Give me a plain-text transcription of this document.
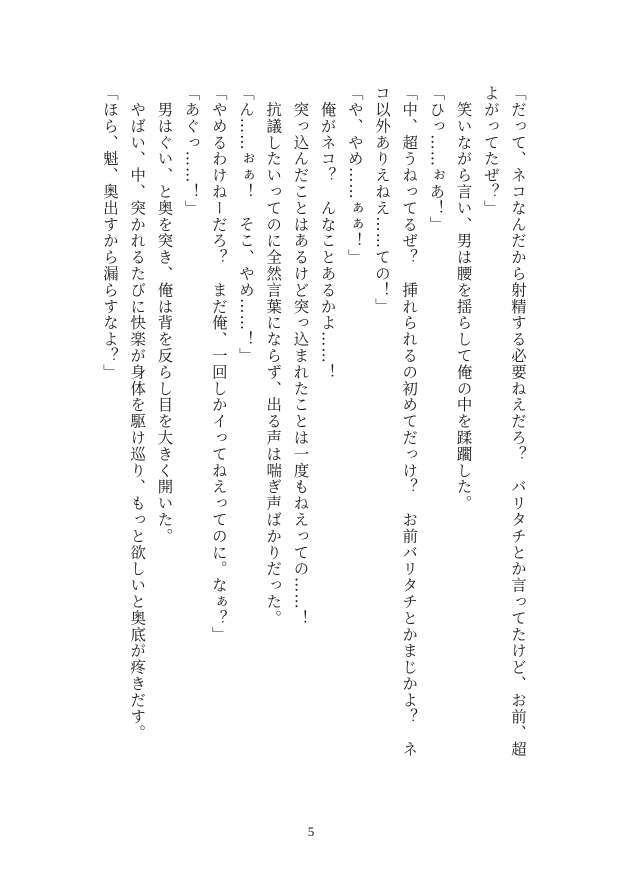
「だって、ネコなんだから射精する必要ねえだろ？　バリタチとか言ってたけど、お前、超
よがってたぜ？」
　笑いながら言い、男は腰を揺らして俺の中を蹂躙した。
「ひっ……ぉあ！」
「中、超うねってるぜ？　挿れられるの初めてだっけ？　お前バリタチとかまじかよ？　ネ
コ以外ありえねえ……ての！」
「や、やめ……ぁぁ！」
　俺がネコ？　んなことあるかよ……！
　突っ込んだことはあるけど突っ込まれたことは一度もねえっての……！
　抗議したいってのに全然言葉にならず、出る声は喘ぎ声ばかりだった。
「ん……ぉぁ！　そこ、やめ……！」
「やめるわけねーだろ？　まだ俺、一回しかイってねえってのに。なぁ？」
「あぐっ……！」
　男はぐい、と奥を突き、俺は背を反らし目を大きく開いた。
　やばい、中、突かれるたびに快楽が身体を駆け巡り、もっと欲しいと奥底が疼きだす。
「ほら、魁、奥出すから漏らすなよ？」
5
